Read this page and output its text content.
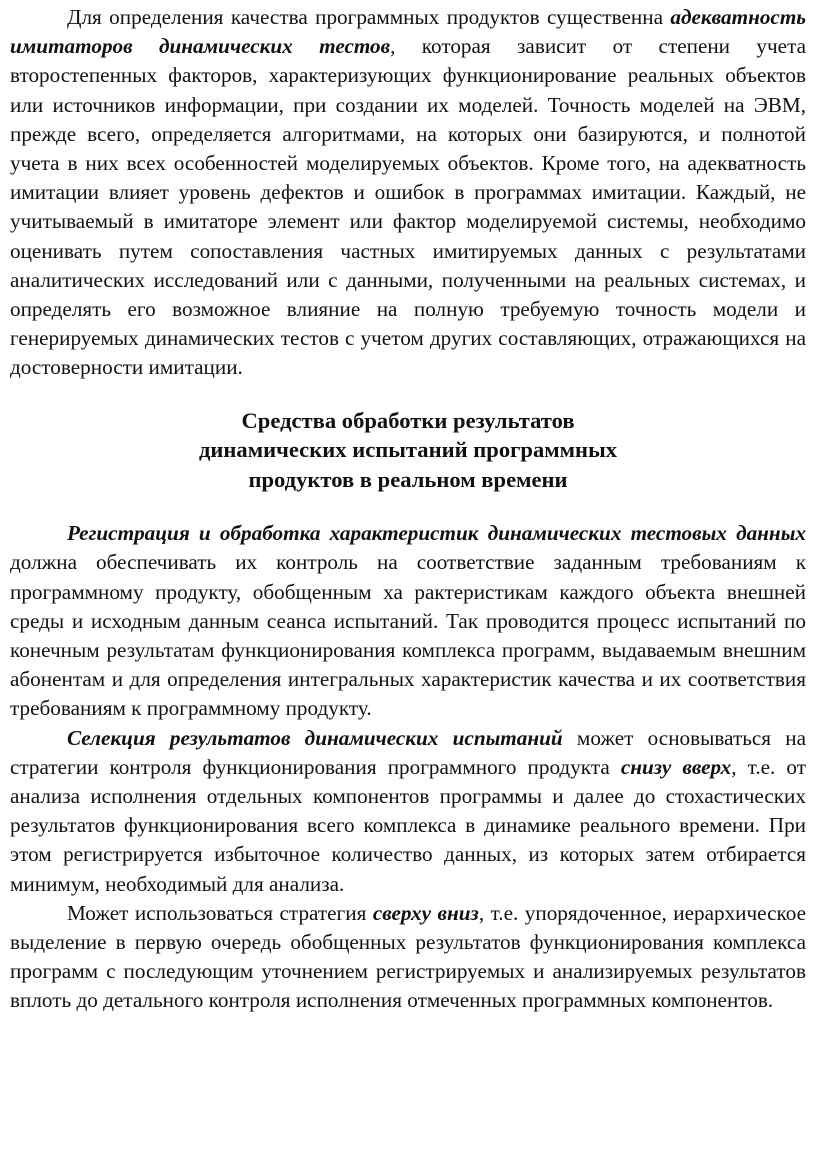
Для определения качества программных продуктов существенна адекватность имитаторов динамических тестов, которая зависит от степени учета второстепенных факторов, характеризующих функционирование реальных объектов или источников информации, при создании их моделей. Точность моделей на ЭВМ, прежде всего, определяется алгоритмами, на которых они базируются, и полнотой учета в них всех особенностей моделируемых объектов. Кроме того, на адекватность имитации влияет уровень дефектов и ошибок в программах имитации. Каждый, не учитываемый в имитаторе элемент или фактор моделируемой системы, необходимо оценивать путем сопоставления частных имитируемых данных с результатами аналитических исследований или с данными, полученными на реальных системах, и определять его возможное влияние на полную требуемую точность модели и генерируемых динамических тестов с учетом других составляющих, отражающихся на достоверности имитации.

Средства обработки результатов
динамических испытаний программных
продуктов в реальном времени

Регистрация и обработка характеристик динамических тестовых данных должна обеспечивать их контроль на соответствие заданным требованиям к программному продукту, обобщенным ха рактеристикам каждого объекта внешней среды и исходным данным сеанса испытаний. Так проводится процесс испытаний по конечным результатам функционирования комплекса программ, выдаваемым внешним абонентам и для определения интегральных характеристик качества и их соответствия требованиям к программному продукту.

Селекция результатов динамических испытаний может основываться на стратегии контроля функционирования программного продукта снизу вверх, т.е. от анализа исполнения отдельных компонентов программы и далее до стохастических результатов функционирования всего комплекса в динамике реального времени. При этом регистрируется избыточное количество данных, из которых затем отбирается минимум, необходимый для анализа.

Может использоваться стратегия сверху вниз, т.е. упорядоченное, иерархическое выделение в первую очередь обобщенных результатов функционирования комплекса программ с последующим уточнением регистрируемых и анализируемых результатов вплоть до детального контроля исполнения отмеченных программных компонентов.
